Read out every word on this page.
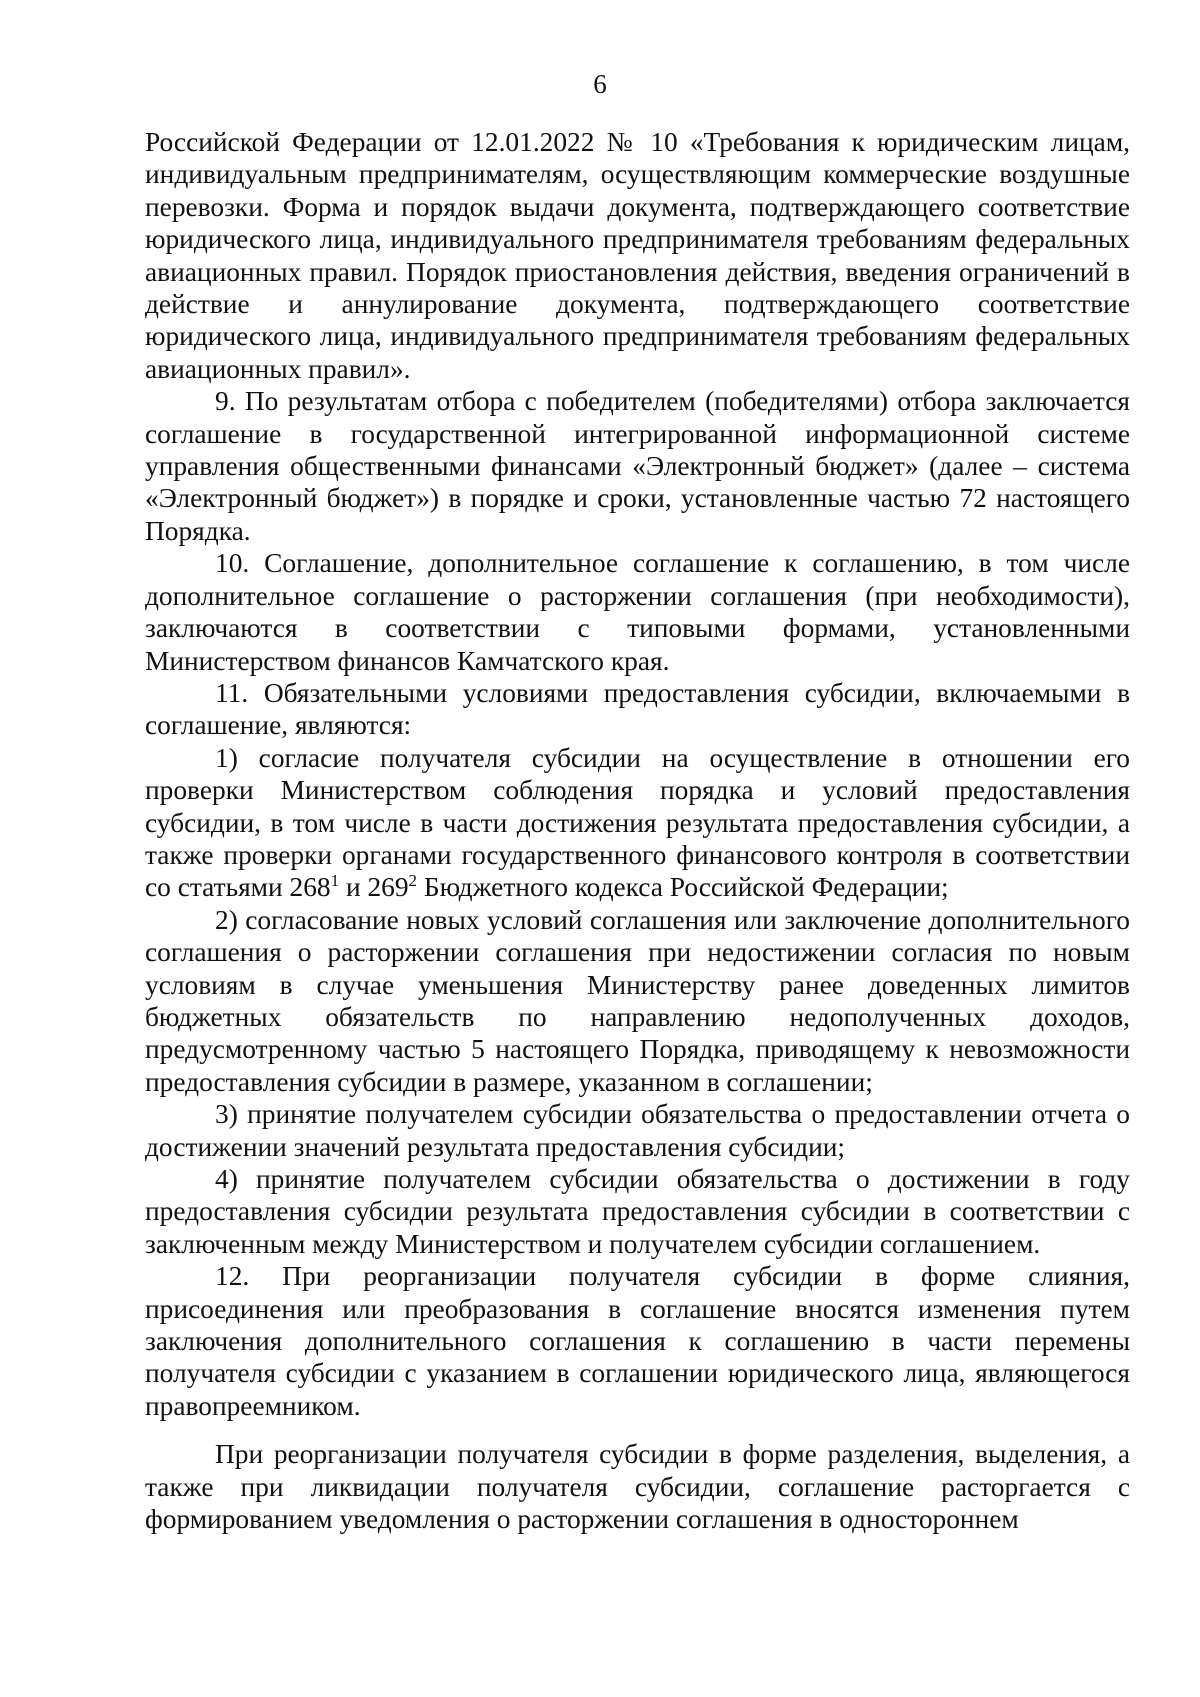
6

Российской Федерации от 12.01.2022 № 10 «Требования к юридическим лицам, индивидуальным предпринимателям, осуществляющим коммерческие воздушные перевозки. Форма и порядок выдачи документа, подтверждающего соответствие юридического лица, индивидуального предпринимателя требованиям федеральных авиационных правил. Порядок приостановления действия, введения ограничений в действие и аннулирование документа, подтверждающего соответствие юридического лица, индивидуального предпринимателя требованиям федеральных авиационных правил».

9. По результатам отбора с победителем (победителями) отбора заключается соглашение в государственной интегрированной информационной системе управления общественными финансами «Электронный бюджет» (далее – система «Электронный бюджет») в порядке и сроки, установленные частью 72 настоящего Порядка.

10. Соглашение, дополнительное соглашение к соглашению, в том числе дополнительное соглашение о расторжении соглашения (при необходимости), заключаются в соответствии с типовыми формами, установленными Министерством финансов Камчатского края.

11. Обязательными условиями предоставления субсидии, включаемыми в соглашение, являются:

1) согласие получателя субсидии на осуществление в отношении его проверки Министерством соблюдения порядка и условий предоставления субсидии, в том числе в части достижения результата предоставления субсидии, а также проверки органами государственного финансового контроля в соответствии со статьями $268^1$ и $269^2$ Бюджетного кодекса Российской Федерации;

2) согласование новых условий соглашения или заключение дополнительного соглашения о расторжении соглашения при недостижении согласия по новым условиям в случае уменьшения Министерству ранее доведенных лимитов бюджетных обязательств по направлению недополученных доходов, предусмотренному частью 5 настоящего Порядка, приводящему к невозможности предоставления субсидии в размере, указанном в соглашении;

3) принятие получателем субсидии обязательства о предоставлении отчета о достижении значений результата предоставления субсидии;

4) принятие получателем субсидии обязательства о достижении в году предоставления субсидии результата предоставления субсидии в соответствии с заключенным между Министерством и получателем субсидии соглашением.

12. При реорганизации получателя субсидии в форме слияния, присоединения или преобразования в соглашение вносятся изменения путем заключения дополнительного соглашения к соглашению в части перемены получателя субсидии с указанием в соглашении юридического лица, являющегося правопреемником.

При реорганизации получателя субсидии в форме разделения, выделения, а также при ликвидации получателя субсидии, соглашение расторгается с формированием уведомления о расторжении соглашения в одностороннем
